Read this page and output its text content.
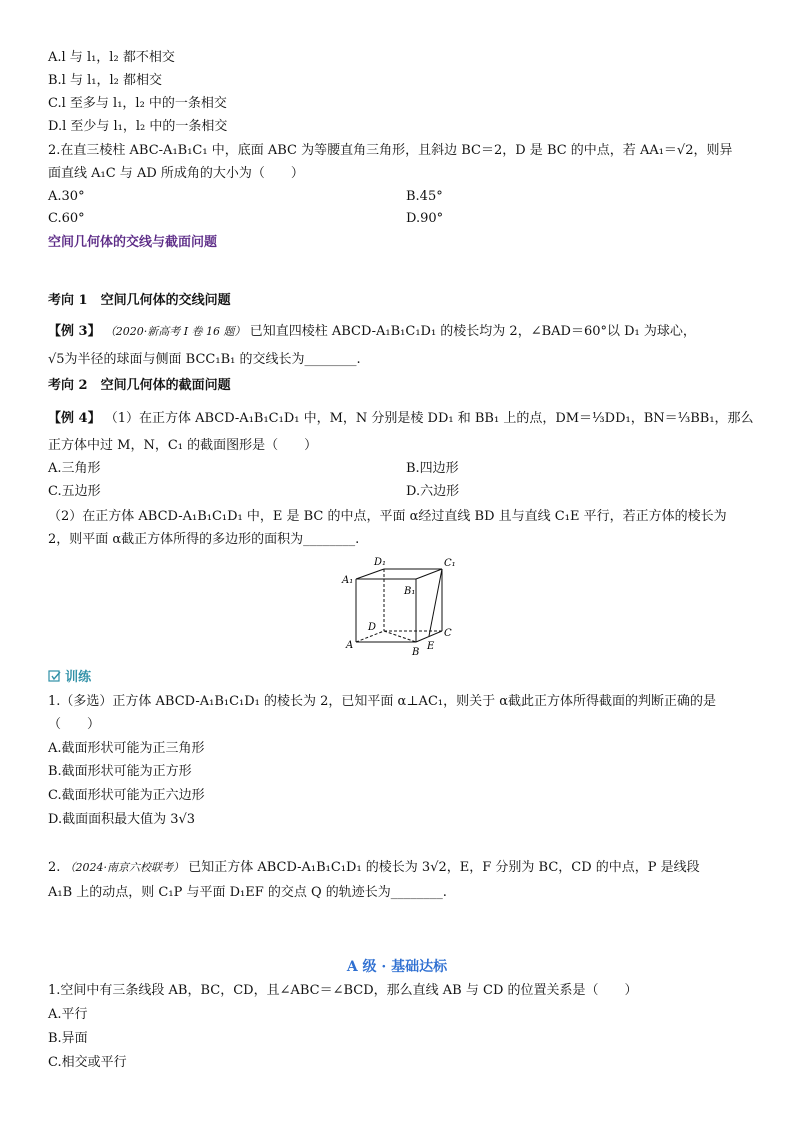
A.l 与 l₁，l₂ 都不相交
B.l 与 l₁，l₂ 都相交
C.l 至多与 l₁，l₂ 中的一条相交
D.l 至少与 l₁，l₂ 中的一条相交
2.在直三棱柱 ABC-A₁B₁C₁ 中，底面 ABC 为等腰直角三角形，且斜边 BC＝2，D 是 BC 的中点，若 AA₁＝√2，则异
面直线 A₁C 与 AD 所成角的大小为（　　）
A.30°	B.45°
C.60°	D.90°
空间几何体的交线与截面问题
考向 1　空间几何体的交线问题
【例 3】 （2020·新高考 Ⅰ 卷 16 题） 已知直四棱柱 ABCD-A₁B₁C₁D₁ 的棱长均为 2，∠BAD＝60°以 D₁ 为球心，
√5为半径的球面与侧面 BCC₁B₁ 的交线长为________.
考向 2　空间几何体的截面问题
【例 4】 （1）在正方体 ABCD-A₁B₁C₁D₁ 中，M，N 分别是棱 DD₁ 和 BB₁ 上的点，DM＝⅓DD₁，BN＝⅓BB₁，那么
正方体中过 M，N，C₁ 的截面图形是（　　）
A.三角形	B.四边形
C.五边形	D.六边形
（2）在正方体 ABCD-A₁B₁C₁D₁ 中，E 是 BC 的中点，平面 α经过直线 BD 且与直线 C₁E 平行，若正方体的棱长为
2，则平面 α截正方体所得的多边形的面积为________.
D₁	C₁
A₁
B₁
D
C
A
B
E
训练
1.（多选）正方体 ABCD-A₁B₁C₁D₁ 的棱长为 2，已知平面 α⊥AC₁，则关于 α截此正方体所得截面的判断正确的是
（　　）
A.截面形状可能为正三角形
B.截面形状可能为正方形
C.截面形状可能为正六边形
D.截面面积最大值为 3√3
2. （2024·南京六校联考） 已知正方体 ABCD-A₁B₁C₁D₁ 的棱长为 3√2，E，F 分别为 BC，CD 的中点，P 是线段
A₁B 上的动点，则 C₁P 与平面 D₁EF 的交点 Q 的轨迹长为________.
A 级 · 基础达标
1.空间中有三条线段 AB，BC，CD，且∠ABC＝∠BCD，那么直线 AB 与 CD 的位置关系是（　　）
A.平行
B.异面
C.相交或平行
